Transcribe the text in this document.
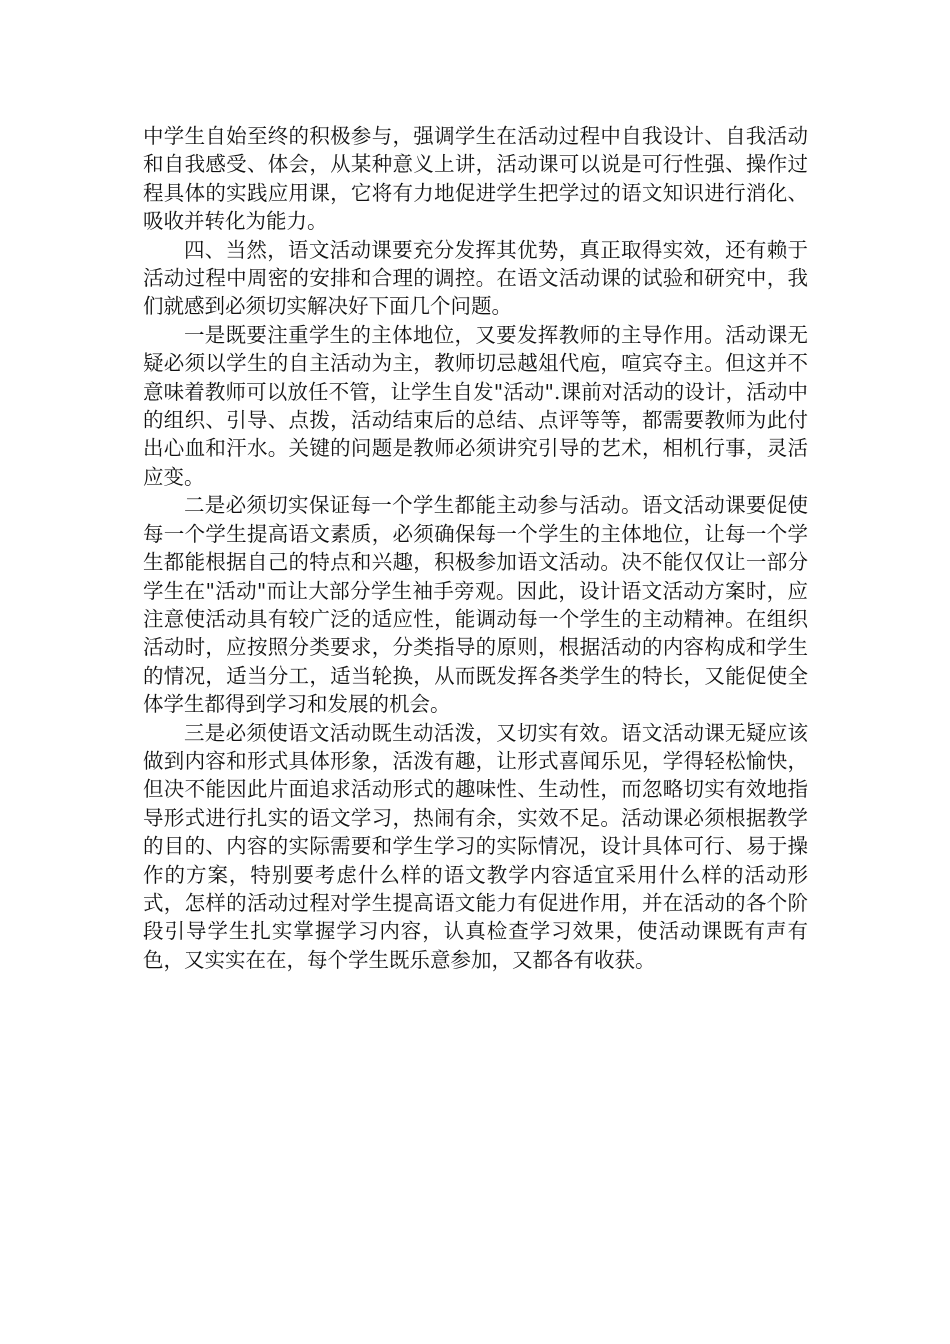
中学生自始至终的积极参与，强调学生在活动过程中自我设计、自我活动和自我感受、体会，从某种意义上讲，活动课可以说是可行性强、操作过程具体的实践应用课，它将有力地促进学生把学过的语文知识进行消化、吸收并转化为能力。

四、当然，语文活动课要充分发挥其优势，真正取得实效，还有赖于活动过程中周密的安排和合理的调控。在语文活动课的试验和研究中，我们就感到必须切实解决好下面几个问题。

一是既要注重学生的主体地位，又要发挥教师的主导作用。活动课无疑必须以学生的自主活动为主，教师切忌越俎代庖，喧宾夺主。但这并不意味着教师可以放任不管，让学生自发"活动".课前对活动的设计，活动中的组织、引导、点拨，活动结束后的总结、点评等等，都需要教师为此付出心血和汗水。关键的问题是教师必须讲究引导的艺术，相机行事，灵活应变。

二是必须切实保证每一个学生都能主动参与活动。语文活动课要促使每一个学生提高语文素质，必须确保每一个学生的主体地位，让每一个学生都能根据自己的特点和兴趣，积极参加语文活动。决不能仅仅让一部分学生在"活动"而让大部分学生袖手旁观。因此，设计语文活动方案时，应注意使活动具有较广泛的适应性，能调动每一个学生的主动精神。在组织活动时，应按照分类要求，分类指导的原则，根据活动的内容构成和学生的情况，适当分工，适当轮换，从而既发挥各类学生的特长，又能促使全体学生都得到学习和发展的机会。

三是必须使语文活动既生动活泼，又切实有效。语文活动课无疑应该做到内容和形式具体形象，活泼有趣，让形式喜闻乐见，学得轻松愉快，但决不能因此片面追求活动形式的趣味性、生动性，而忽略切实有效地指导形式进行扎实的语文学习，热闹有余，实效不足。活动课必须根据教学的目的、内容的实际需要和学生学习的实际情况，设计具体可行、易于操作的方案，特别要考虑什么样的语文教学内容适宜采用什么样的活动形式，怎样的活动过程对学生提高语文能力有促进作用，并在活动的各个阶段引导学生扎实掌握学习内容，认真检查学习效果，使活动课既有声有色，又实实在在，每个学生既乐意参加，又都各有收获。
